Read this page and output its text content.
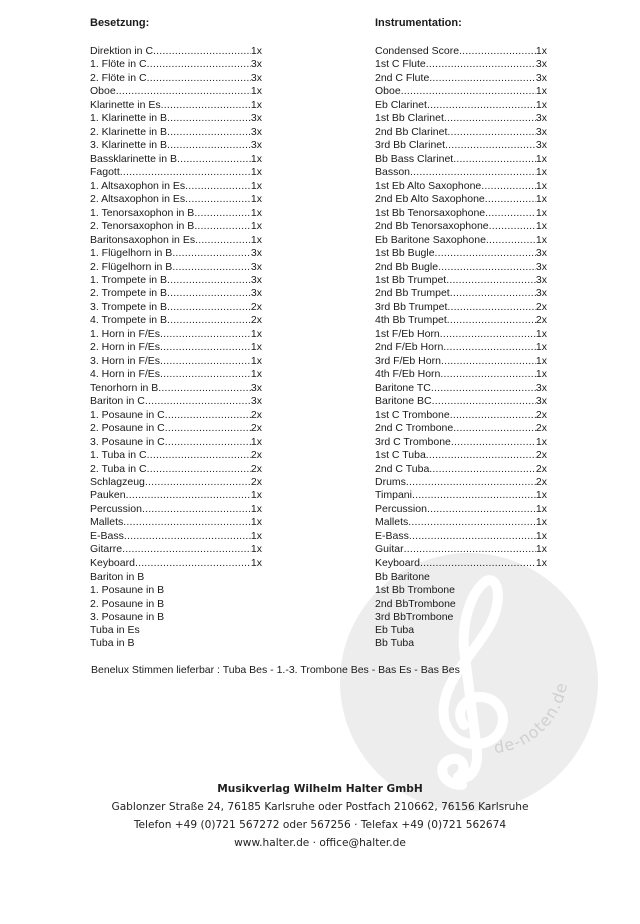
de-noten.de
Besetzung:
Direktion in C .....	1x
1. Flöte in C .....	3x
2. Flöte in C .....	3x
Oboe .....	1x
Klarinette in Es .....	1x
1. Klarinette in B .....	3x
2. Klarinette in B .....	3x
3. Klarinette in B .....	3x
Bassklarinette in B .....	1x
Fagott .....	1x
1. Altsaxophon in Es .....	1x
2. Altsaxophon in Es .....	1x
1. Tenorsaxophon in B .....	1x
2. Tenorsaxophon in B .....	1x
Baritonsaxophon in Es .....	1x
1. Flügelhorn in B .....	3x
2. Flügelhorn in B .....	3x
1. Trompete in B .....	3x
2. Trompete in B .....	3x
3. Trompete in B .....	2x
4. Trompete in B .....	2x
1. Horn in F/Es .....	1x
2. Horn in F/Es .....	1x
3. Horn in F/Es .....	1x
4. Horn in F/Es .....	1x
Tenorhorn in B .....	3x
Bariton in C .....	3x
1. Posaune in C .....	2x
2. Posaune in C .....	2x
3. Posaune in C .....	1x
1. Tuba in C .....	2x
2. Tuba in C .....	2x
Schlagzeug .....	2x
Pauken .....	1x
Percussion .....	1x
Mallets .....	1x
E-Bass .....	1x
Gitarre .....	1x
Keyboard .....	1x
Bariton in B
1. Posaune in B
2. Posaune in B
3. Posaune in B
Tuba in Es
Tuba in B
Instrumentation:
Condensed Score .....	1x
1st C Flute .....	3x
2nd C Flute .....	3x
Oboe .....	1x
Eb Clarinet .....	1x
1st Bb Clarinet .....	3x
2nd Bb Clarinet .....	3x
3rd Bb Clarinet .....	3x
Bb Bass Clarinet .....	1x
Basson .....	1x
1st Eb Alto Saxophone .....	1x
2nd Eb Alto Saxophone .....	1x
1st Bb Tenorsaxophone .....	1x
2nd Bb Tenorsaxophone .....	1x
Eb Baritone Saxophone .....	1x
1st Bb Bugle .....	3x
2nd Bb Bugle .....	3x
1st Bb Trumpet .....	3x
2nd Bb Trumpet .....	3x
3rd Bb Trumpet .....	2x
4th Bb Trumpet .....	2x
1st F/Eb Horn .....	1x
2nd F/Eb Horn .....	1x
3rd F/Eb Horn .....	1x
4th F/Eb Horn .....	1x
Baritone TC .....	3x
Baritone BC .....	3x
1st C Trombone .....	2x
2nd C Trombone .....	2x
3rd C Trombone .....	1x
1st C Tuba .....	2x
2nd C Tuba .....	2x
Drums .....	2x
Timpani .....	1x
Percussion .....	1x
Mallets .....	1x
E-Bass .....	1x
Guitar .....	1x
Keyboard .....	1x
Bb Baritone
1st Bb Trombone
2nd BbTrombone
3rd BbTrombone
Eb Tuba
Bb Tuba
Benelux Stimmen lieferbar : Tuba Bes - 1.-3. Trombone Bes - Bas Es - Bas Bes
Musikverlag Wilhelm Halter GmbH
Gablonzer Straße 24, 76185 Karlsruhe oder Postfach 210662, 76156 Karlsruhe
Telefon +49 (0)721 567272 oder 567256 · Telefax +49 (0)721 562674
www.halter.de · office@halter.de
